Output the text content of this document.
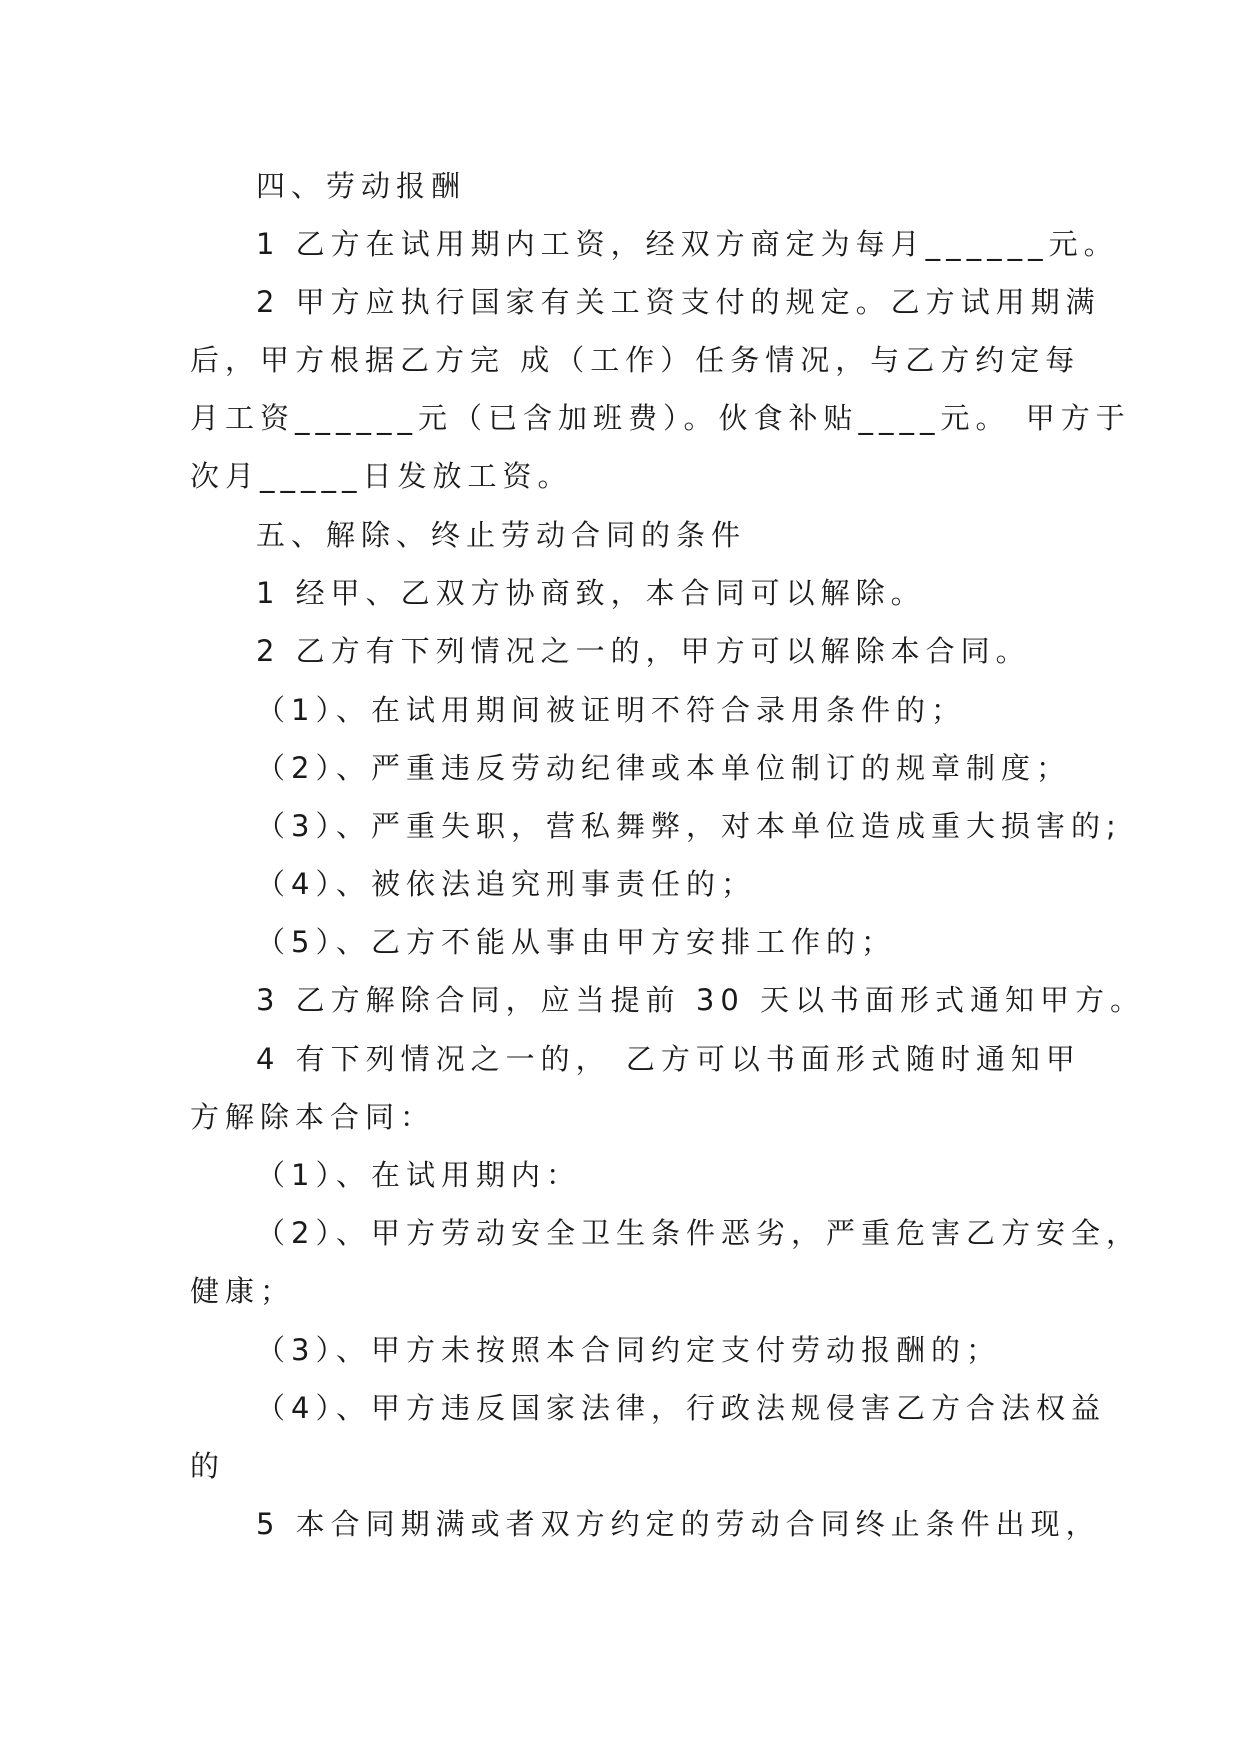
四、劳动报酬
1 乙方在试用期内工资，经双方商定为每月______元。
2 甲方应执行国家有关工资支付的规定。乙方试用期满
后，甲方根据乙方完 成（工作）任务情况，与乙方约定每
月工资______元（已含加班费）。伙食补贴____元。 甲方于
次月_____日发放工资。
五、解除、终止劳动合同的条件
1 经甲、乙双方协商致，本合同可以解除。
2 乙方有下列情况之一的，甲方可以解除本合同。
（1）、在试用期间被证明不符合录用条件的；
（2）、严重违反劳动纪律或本单位制订的规章制度；
（3）、严重失职，营私舞弊，对本单位造成重大损害的;
（4）、被依法追究刑事责任的；
（5）、乙方不能从事由甲方安排工作的；
3 乙方解除合同，应当提前 30 天以书面形式通知甲方。
4 有下列情况之一的， 乙方可以书面形式随时通知甲
方解除本合同：
（1）、在试用期内：
（2）、甲方劳动安全卫生条件恶劣，严重危害乙方安全，
健康；
（3）、甲方未按照本合同约定支付劳动报酬的；
（4）、甲方违反国家法律，行政法规侵害乙方合法权益
的
5 本合同期满或者双方约定的劳动合同终止条件出现，
